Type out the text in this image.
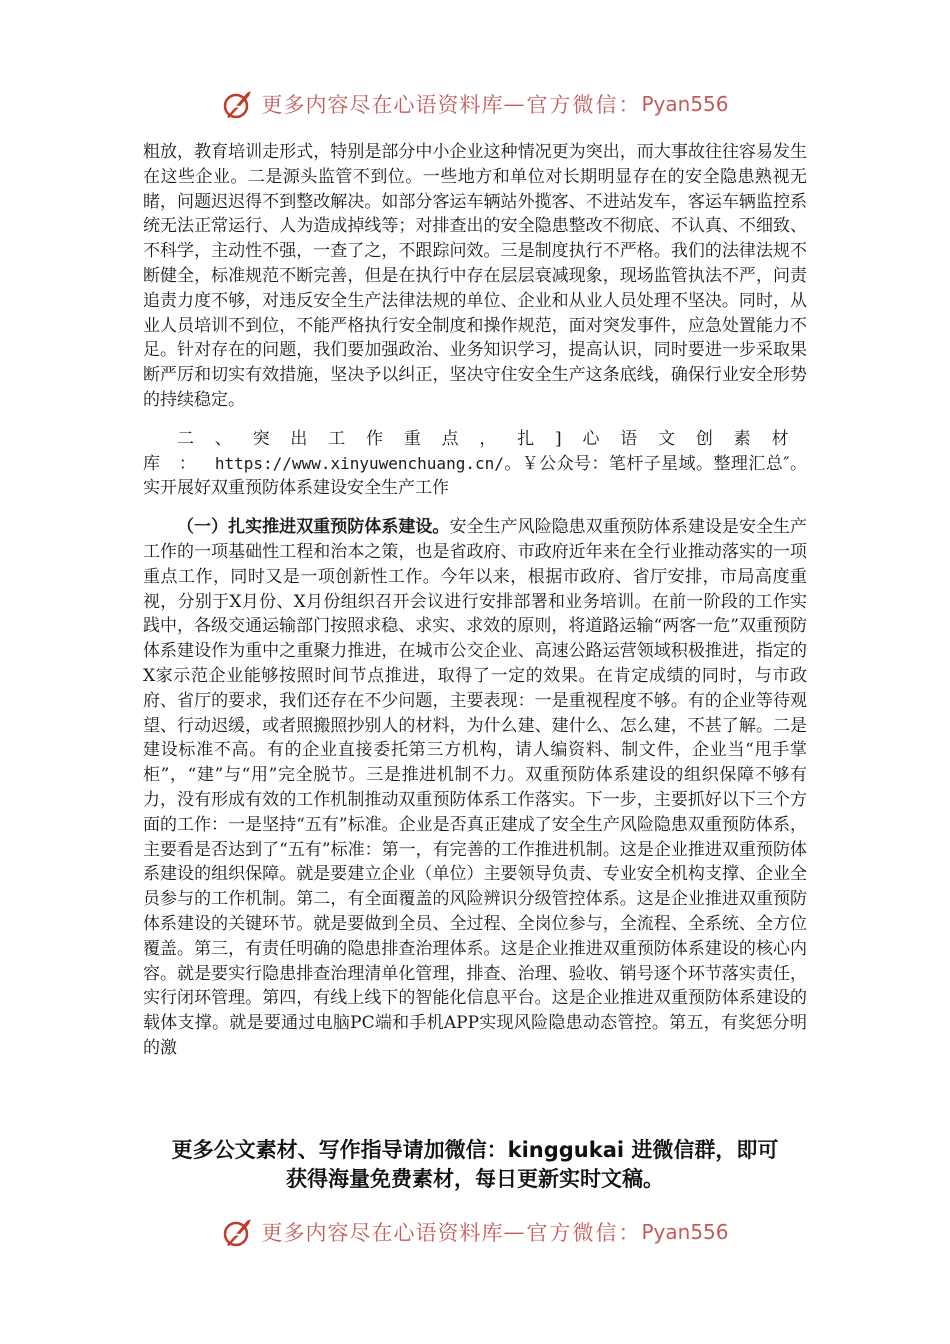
更多内容尽在心语资料库 — 官方微信： Pyan556

粗放，教育培训走形式，特别是部分中小企业这种情况更为突出，而大事故往往容易发生在这些企业。二是源头监管不到位。一些地方和单位对长期明显存在的安全隐患熟视无睹，问题迟迟得不到整改解决。如部分客运车辆站外揽客、不进站发车，客运车辆监控系统无法正常运行、人为造成掉线等；对排查出的安全隐患整改不彻底、不认真、不细致、不科学，主动性不强，一查了之，不跟踪问效。三是制度执行不严格。我们的法律法规不断健全，标准规范不断完善，但是在执行中存在层层衰减现象，现场监管执法不严，问责追责力度不够，对违反安全生产法律法规的单位、企业和从业人员处理不坚决。同时，从业人员培训不到位，不能严格执行安全制度和操作规范，面对突发事件，应急处置能力不足。针对存在的问题，我们要加强政治、业务知识学习，提高认识，同时要进一步采取果断严厉和切实有效措施，坚决予以纠正，坚决守住安全生产这条底线，确保行业安全形势的持续稳定。

二、突出工作重点，扎]心语文创素材库：https://www.xinyuwenchuang.cn/。￥公众号：笔杆子星域。整理汇总″。实开展好双重预防体系建设安全生产工作

（一）扎实推进双重预防体系建设。安全生产风险隐患双重预防体系建设是安全生产工作的一项基础性工程和治本之策，也是省政府、市政府近年来在全行业推动落实的一项重点工作，同时又是一项创新性工作。今年以来，根据市政府、省厅安排，市局高度重视，分别于X月份、X月份组织召开会议进行安排部署和业务培训。在前一阶段的工作实践中，各级交通运输部门按照求稳、求实、求效的原则，将道路运输“两客一危”双重预防体系建设作为重中之重聚力推进，在城市公交企业、高速公路运营领域积极推进，指定的X家示范企业能够按照时间节点推进，取得了一定的效果。在肯定成绩的同时，与市政府、省厅的要求，我们还存在不少问题，主要表现：一是重视程度不够。有的企业等待观望、行动迟缓，或者照搬照抄别人的材料，为什么建、建什么、怎么建，不甚了解。二是建设标准不高。有的企业直接委托第三方机构，请人编资料、制文件，企业当“甩手掌柜”，“建”与“用”完全脱节。三是推进机制不力。双重预防体系建设的组织保障不够有力，没有形成有效的工作机制推动双重预防体系工作落实。下一步，主要抓好以下三个方面的工作：一是坚持“五有”标准。企业是否真正建成了安全生产风险隐患双重预防体系，主要看是否达到了“五有”标准：第一，有完善的工作推进机制。这是企业推进双重预防体系建设的组织保障。就是要建立企业（单位）主要领导负责、专业安全机构支撑、企业全员参与的工作机制。第二，有全面覆盖的风险辨识分级管控体系。这是企业推进双重预防体系建设的关键环节。就是要做到全员、全过程、全岗位参与，全流程、全系统、全方位覆盖。第三，有责任明确的隐患排查治理体系。这是企业推进双重预防体系建设的核心内容。就是要实行隐患排查治理清单化管理，排查、治理、验收、销号逐个环节落实责任，实行闭环管理。第四，有线上线下的智能化信息平台。这是企业推进双重预防体系建设的载体支撑。就是要通过电脑PC端和手机APP实现风险隐患动态管控。第五，有奖惩分明的激

更多公文素材、写作指导请加微信：kinggukai 进微信群，即可
获得海量免费素材，每日更新实时文稿。
更多内容尽在心语资料库 — 官方微信： Pyan556
